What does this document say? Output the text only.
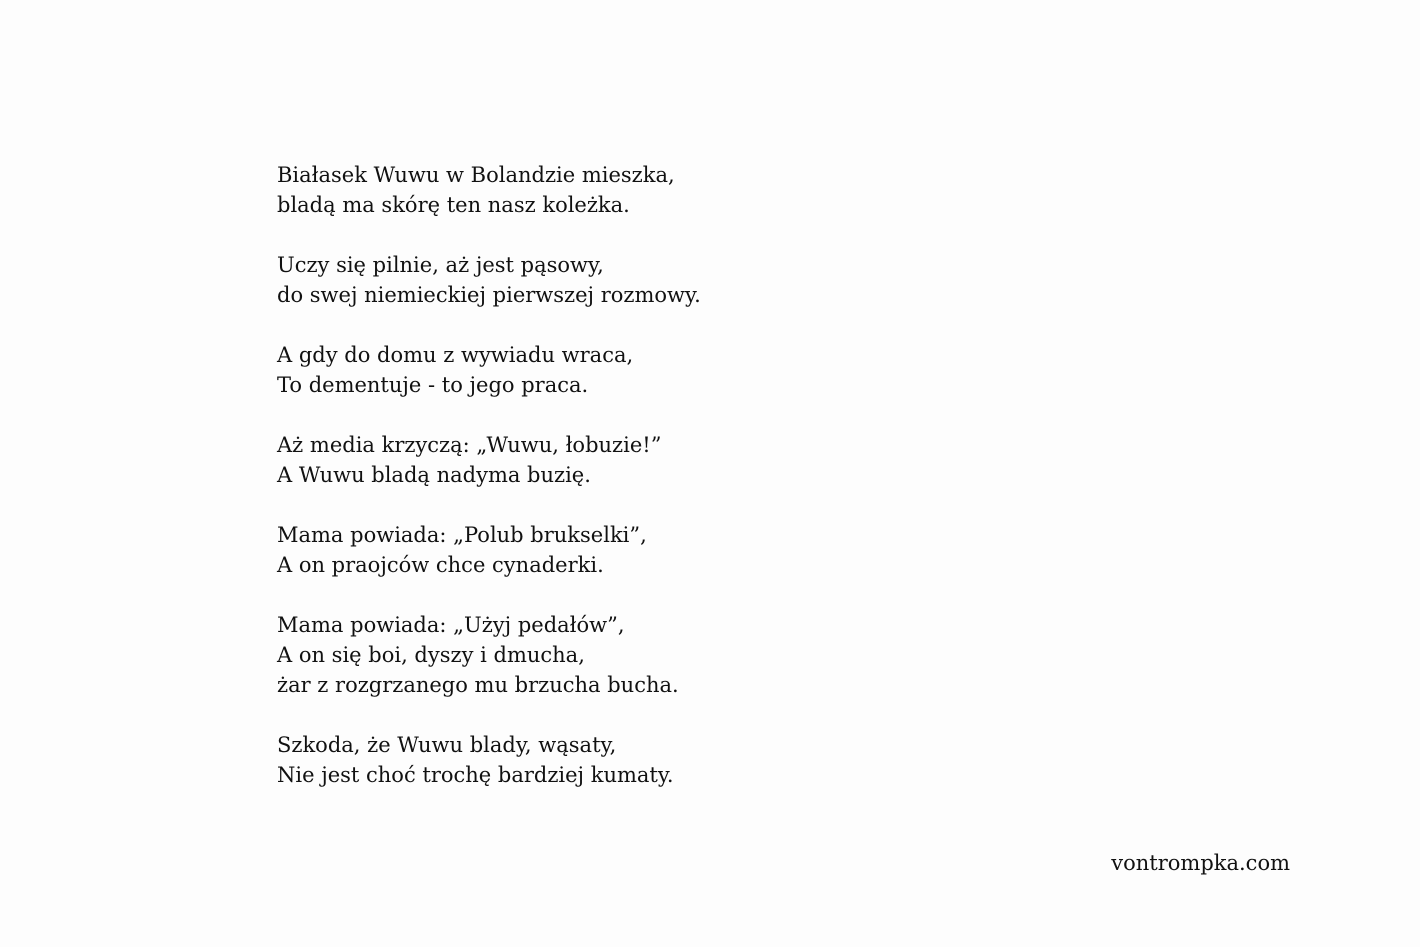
Białasek Wuwu w Bolandzie mieszka,
bladą ma skórę ten nasz koleżka.
Uczy się pilnie, aż jest pąsowy,
do swej niemieckiej pierwszej rozmowy.
A gdy do domu z wywiadu wraca,
To dementuje - to jego praca.
Aż media krzyczą: „Wuwu, łobuzie!”
A Wuwu bladą nadyma buzię.
Mama powiada: „Polub brukselki”,
A on praojców chce cynaderki.
Mama powiada: „Użyj pedałów”,
A on się boi, dyszy i dmucha,
żar z rozgrzanego mu brzucha bucha.
Szkoda, że Wuwu blady, wąsaty,
Nie jest choć trochę bardziej kumaty.
vontrompka.com
